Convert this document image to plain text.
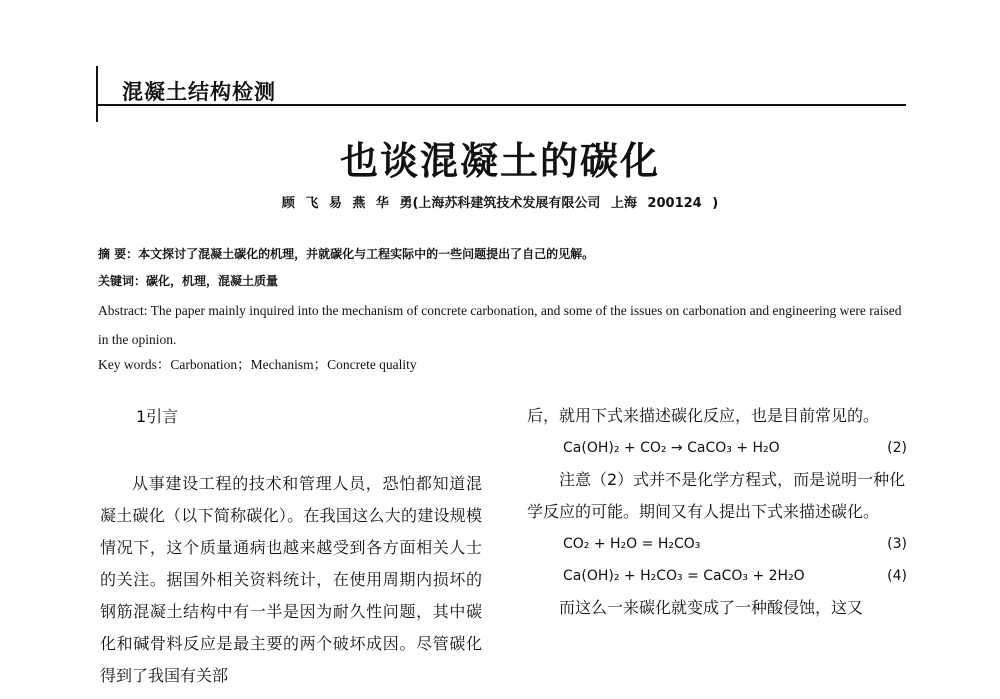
混凝土结构检测
也谈混凝土的碳化
顾 飞 易 燕 华 勇(上海苏科建筑技术发展有限公司 上海 200124 )
摘 要：本文探讨了混凝土碳化的机理，并就碳化与工程实际中的一些问题提出了自己的见解。
关键词：碳化，机理，混凝土质量
Abstract: The paper mainly inquired into the mechanism of concrete carbonation, and some of the issues on carbonation and engineering were raised in the opinion.
Key words：Carbonation；Mechanism；Concrete quality
1引言
从事建设工程的技术和管理人员，恐怕都知道混凝土碳化（以下简称碳化）。在我国这么大的建设规模情况下，这个质量通病也越来越受到各方面相关人士的关注。据国外相关资料统计，在使用周期内损坏的钢筋混凝土结构中有一半是因为耐久性问题，其中碳化和碱骨料反应是最主要的两个破坏成因。尽管碳化得到了我国有关部
后，就用下式来描述碳化反应，也是目前常见的。
Ca(OH)₂ + CO₂ → CaCO₃ + H₂O	(2)
注意（2）式并不是化学方程式，而是说明一种化学反应的可能。期间又有人提出下式来描述碳化。
CO₂ + H₂O = H₂CO₃	(3)
Ca(OH)₂ + H₂CO₃ = CaCO₃ + 2H₂O	(4)
而这么一来碳化就变成了一种酸侵蚀，这又
